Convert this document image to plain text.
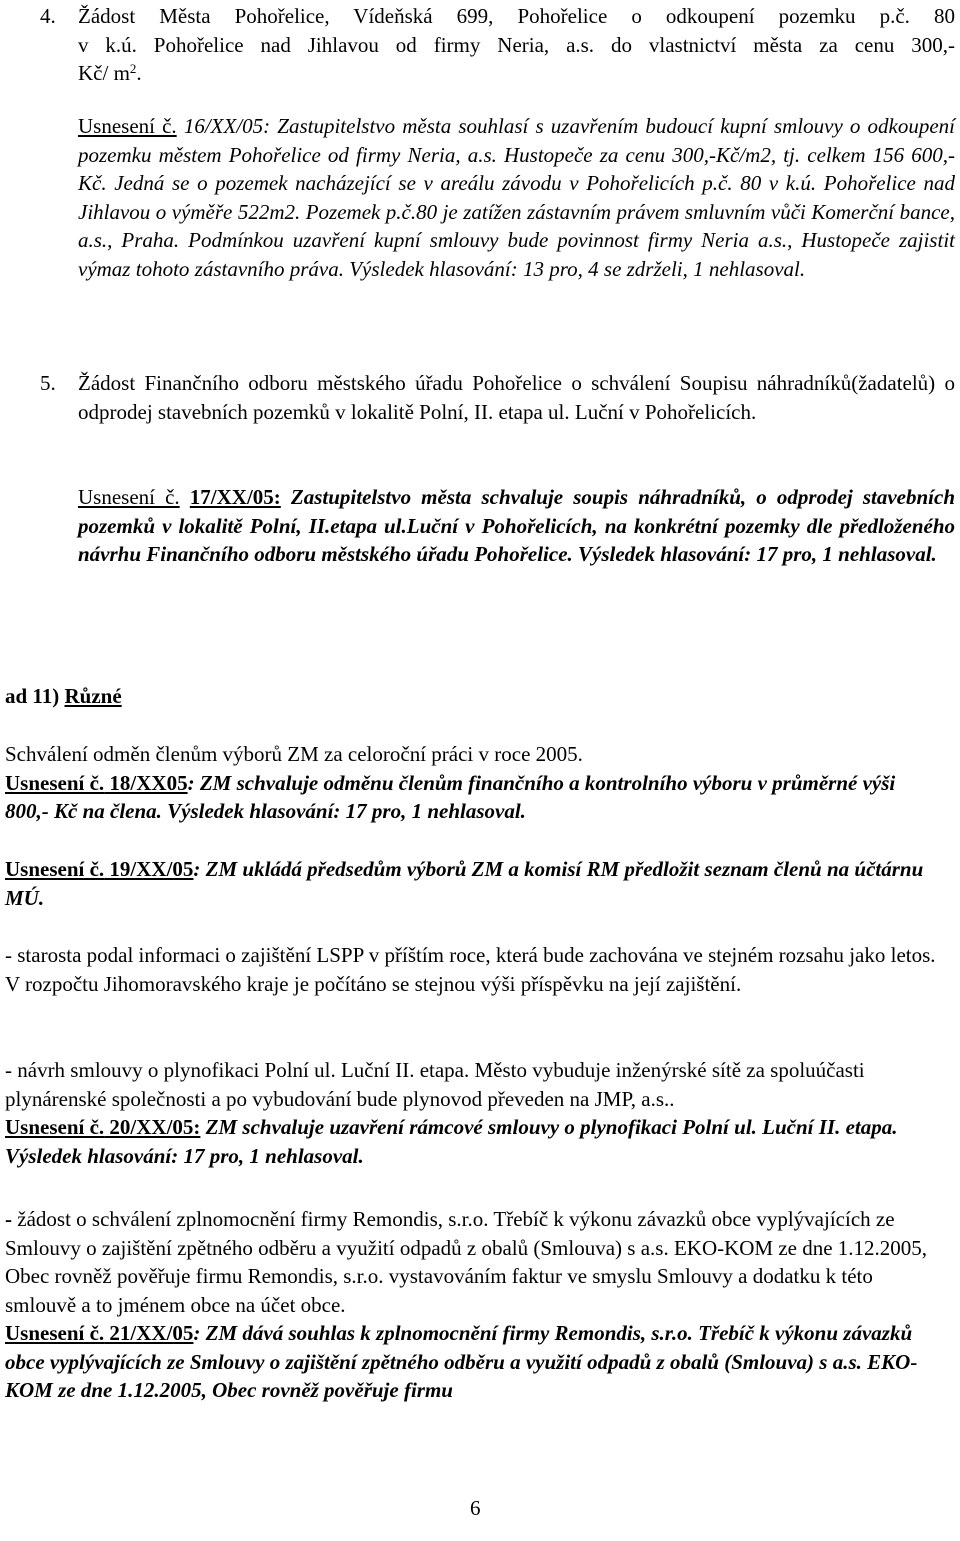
4. Žádost Města Pohořelice, Vídeňská 699, Pohořelice o odkoupení pozemku p.č. 80

v k.ú. Pohořelice nad Jihlavou od firmy Neria, a.s. do vlastnictví města za cenu 300,-

Kč/ $m^2$.

Usnesení č. 16/XX/05: Zastupitelstvo města souhlasí s uzavřením budoucí kupní smlouvy o odkoupení pozemku městem Pohořelice od firmy Neria, a.s. Hustopeče za cenu 300,-Kč/m2, tj. celkem 156 600,-Kč. Jedná se o pozemek nacházející se v areálu závodu v Pohořelicích p.č. 80 v k.ú. Pohořelice nad Jihlavou o výměře 522m2. Pozemek p.č.80 je zatížen zástavním právem smluvním vůči Komerční bance, a.s., Praha. Podmínkou uzavření kupní smlouvy bude povinnost firmy Neria a.s., Hustopeče zajistit výmaz tohoto zástavního práva. Výsledek hlasování: 13 pro, 4 se zdrželi, 1 nehlasoval.

5. Žádost Finančního odboru městského úřadu Pohořelice o schválení Soupisu náhradníků(žadatelů) o odprodej stavebních pozemků v lokalitě Polní, II. etapa ul. Luční v Pohořelicích.

Usnesení č. 17/XX/05: Zastupitelstvo města schvaluje soupis náhradníků, o odprodej stavebních pozemků v lokalitě Polní, II.etapa ul.Luční v Pohořelicích, na konkrétní pozemky dle předloženého návrhu Finančního odboru městského úřadu Pohořelice. Výsledek hlasování: 17 pro, 1 nehlasoval.

ad 11) Různé

Schválení odměn členům výborů ZM za celoroční práci v roce 2005.

Usnesení č. 18/XX05: ZM schvaluje odměnu členům finančního a kontrolního výboru v průměrné výši 800,- Kč na člena. Výsledek hlasování: 17 pro, 1 nehlasoval.

Usnesení č. 19/XX/05: ZM ukládá předsedům výborů ZM a komisí RM předložit seznam členů na účtárnu MÚ.

- starosta podal informaci o zajištění LSPP v příštím roce, která bude zachována ve stejném rozsahu jako letos. V rozpočtu Jihomoravského kraje je počítáno se stejnou výši příspěvku na její zajištění.

- návrh smlouvy o plynofikaci Polní ul. Luční II. etapa. Město vybuduje inženýrské sítě za spoluúčasti plynárenské společnosti a po vybudování bude plynovod převeden na JMP, a.s..

Usnesení č. 20/XX/05: ZM schvaluje uzavření rámcové smlouvy o plynofikaci Polní ul. Luční II. etapa. Výsledek hlasování: 17 pro, 1 nehlasoval.

- žádost o schválení zplnomocnění firmy Remondis, s.r.o. Třebíč k výkonu závazků obce vyplývajících ze Smlouvy o zajištění zpětného odběru a využití odpadů z obalů (Smlouva) s a.s. EKO-KOM ze dne 1.12.2005, Obec rovněž pověřuje firmu Remondis, s.r.o. vystavováním faktur ve smyslu Smlouvy a dodatku k této smlouvě a to jménem obce na účet obce.

Usnesení č. 21/XX/05: ZM dává souhlas k zplnomocnění firmy Remondis, s.r.o. Třebíč k výkonu závazků obce vyplývajících ze Smlouvy o zajištění zpětného odběru a využití odpadů z obalů (Smlouva) s a.s. EKO-KOM ze dne 1.12.2005, Obec rovněž pověřuje firmu

6
